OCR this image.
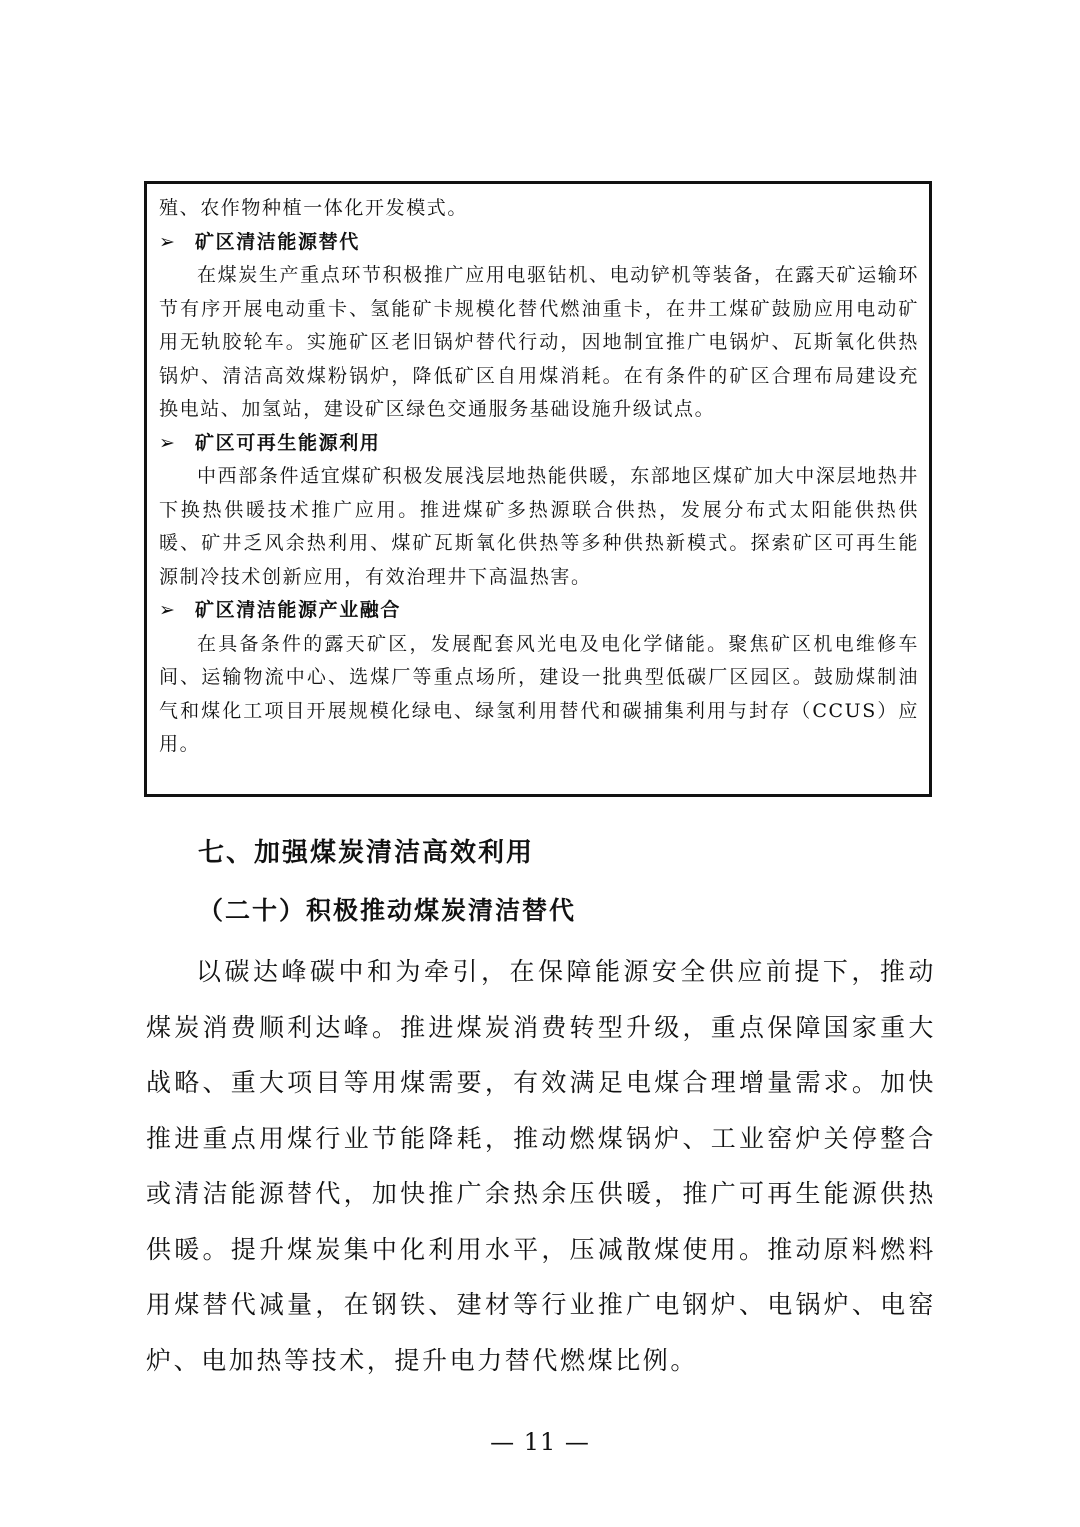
殖、农作物种植一体化开发模式。

➢ 矿区清洁能源替代

在煤炭生产重点环节积极推广应用电驱钻机、电动铲机等装备，在露天矿运输环节有序开展电动重卡、氢能矿卡规模化替代燃油重卡，在井工煤矿鼓励应用电动矿用无轨胶轮车。实施矿区老旧锅炉替代行动，因地制宜推广电锅炉、瓦斯氧化供热锅炉、清洁高效煤粉锅炉，降低矿区自用煤消耗。在有条件的矿区合理布局建设充换电站、加氢站，建设矿区绿色交通服务基础设施升级试点。

➢ 矿区可再生能源利用

中西部条件适宜煤矿积极发展浅层地热能供暖，东部地区煤矿加大中深层地热井下换热供暖技术推广应用。推进煤矿多热源联合供热，发展分布式太阳能供热供暖、矿井乏风余热利用、煤矿瓦斯氧化供热等多种供热新模式。探索矿区可再生能源制冷技术创新应用，有效治理井下高温热害。

➢ 矿区清洁能源产业融合

在具备条件的露天矿区，发展配套风光电及电化学储能。聚焦矿区机电维修车间、运输物流中心、选煤厂等重点场所，建设一批典型低碳厂区园区。鼓励煤制油气和煤化工项目开展规模化绿电、绿氢利用替代和碳捕集利用与封存（CCUS）应用。

七、加强煤炭清洁高效利用
（二十）积极推动煤炭清洁替代

以碳达峰碳中和为牵引，在保障能源安全供应前提下，推动煤炭消费顺利达峰。推进煤炭消费转型升级，重点保障国家重大战略、重大项目等用煤需要，有效满足电煤合理增量需求。加快推进重点用煤行业节能降耗，推动燃煤锅炉、工业窑炉关停整合或清洁能源替代，加快推广余热余压供暖，推广可再生能源供热供暖。提升煤炭集中化利用水平，压减散煤使用。推动原料燃料用煤替代减量，在钢铁、建材等行业推广电钢炉、电锅炉、电窑炉、电加热等技术，提升电力替代燃煤比例。

— 11 —
